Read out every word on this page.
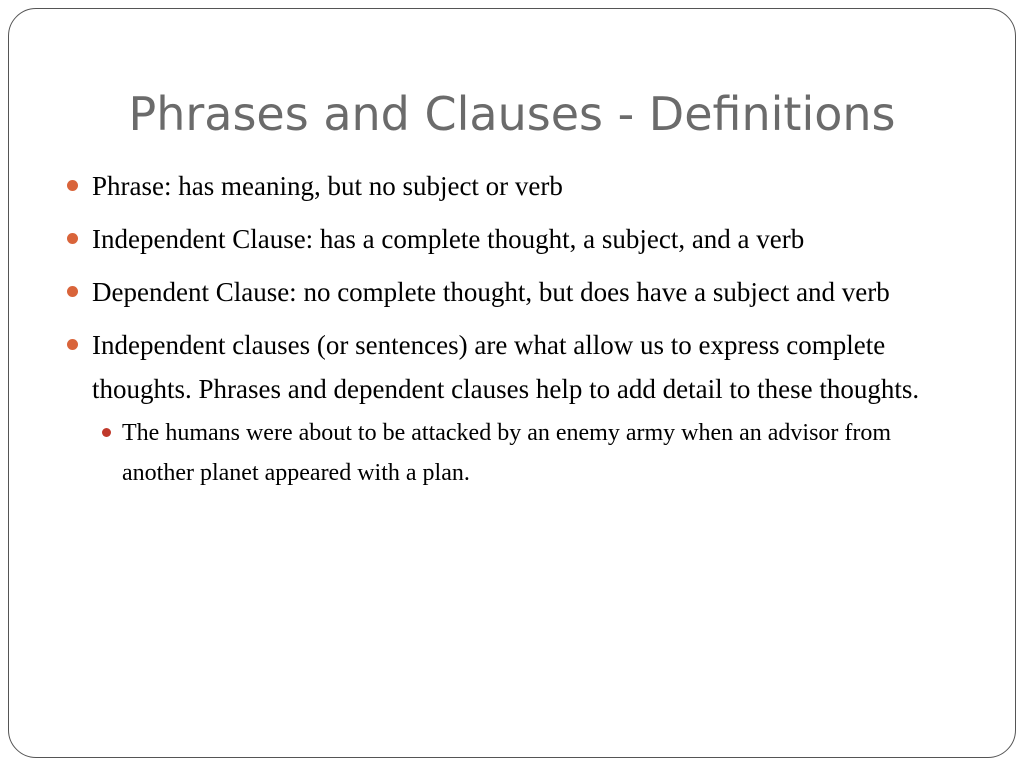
Phrases and Clauses - Definitions
Phrase: has meaning, but no subject or verb
Independent Clause: has a complete thought, a subject, and a verb
Dependent Clause: no complete thought, but does have a subject and verb
Independent clauses (or sentences) are what allow us to express complete thoughts. Phrases and dependent clauses help to add detail to these thoughts.
The humans were about to be attacked by an enemy army when an advisor from another planet appeared with a plan.
